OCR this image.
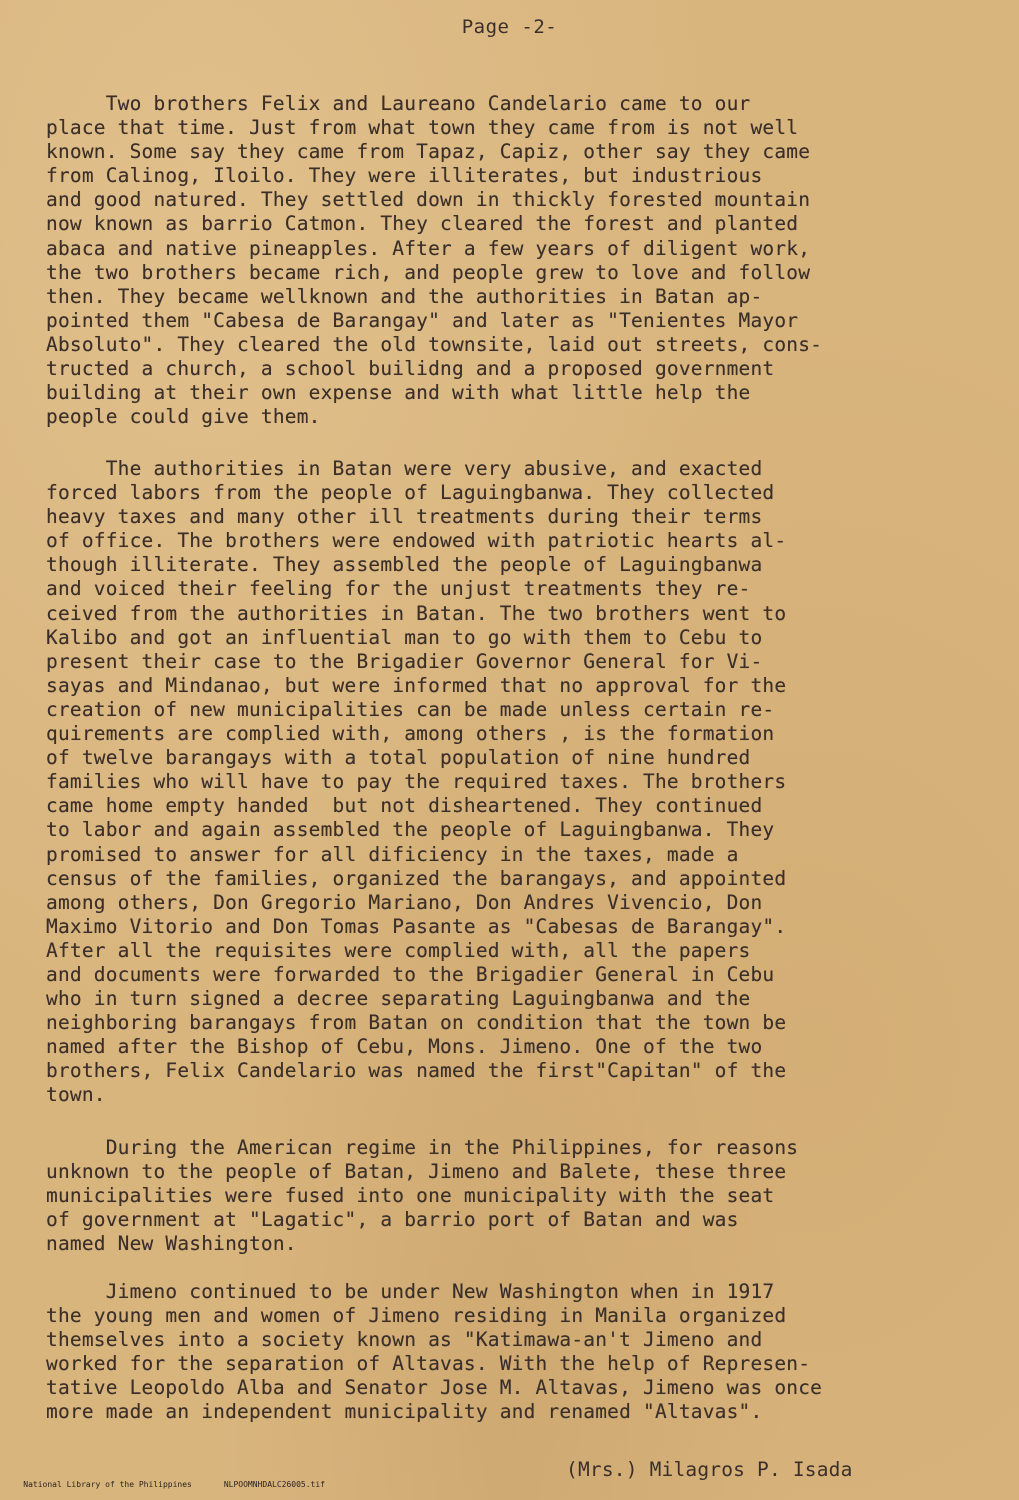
Page -2-

Two brothers Felix and Laureano Candelario came to our
place that time. Just from what town they came from is not well
known. Some say they came from Tapaz, Capiz, other say they came
from Calinog, Iloilo. They were illiterates, but industrious
and good natured. They settled down in thickly forested mountain
now known as barrio Catmon. They cleared the forest and planted
abaca and native pineapples. After a few years of diligent work,
the two brothers became rich, and people grew to love and follow
then. They became wellknown and the authorities in Batan ap-
pointed them "Cabesa de Barangay" and later as "Tenientes Mayor
Absoluto". They cleared the old townsite, laid out streets, cons-
tructed a church, a school builidng and a proposed government
building at their own expense and with what little help the
people could give them.

The authorities in Batan were very abusive, and exacted
forced labors from the people of Laguingbanwa. They collected
heavy taxes and many other ill treatments during their terms
of office. The brothers were endowed with patriotic hearts al-
though illiterate. They assembled the people of Laguingbanwa
and voiced their feeling for the unjust treatments they re-
ceived from the authorities in Batan. The two brothers went to
Kalibo and got an influential man to go with them to Cebu to
present their case to the Brigadier Governor General for Vi-
sayas and Mindanao, but were informed that no approval for the
creation of new municipalities can be made unless certain re-
quirements are complied with, among others , is the formation
of twelve barangays with a total population of nine hundred
families who will have to pay the required taxes. The brothers
came home empty handed  but not disheartened. They continued
to labor and again assembled the people of Laguingbanwa. They
promised to answer for all dificiency in the taxes, made a
census of the families, organized the barangays, and appointed
among others, Don Gregorio Mariano, Don Andres Vivencio, Don
Maximo Vitorio and Don Tomas Pasante as "Cabesas de Barangay".
After all the requisites were complied with, all the papers
and documents were forwarded to the Brigadier General in Cebu
who in turn signed a decree separating Laguingbanwa and the
neighboring barangays from Batan on condition that the town be
named after the Bishop of Cebu, Mons. Jimeno. One of the two
brothers, Felix Candelario was named the first"Capitan" of the
town.

During the American regime in the Philippines, for reasons
unknown to the people of Batan, Jimeno and Balete, these three
municipalities were fused into one municipality with the seat
of government at "Lagatic", a barrio port of Batan and was
named New Washington.

Jimeno continued to be under New Washington when in 1917
the young men and women of Jimeno residing in Manila organized
themselves into a society known as "Katimawa-an't Jimeno and
worked for the separation of Altavas. With the help of Represen-
tative Leopoldo Alba and Senator Jose M. Altavas, Jimeno was once
more made an independent municipality and renamed "Altavas".

(Mrs.) Milagros P. Isada

National Library of the Philippines	NLPOOMNHDALC26005.tif
